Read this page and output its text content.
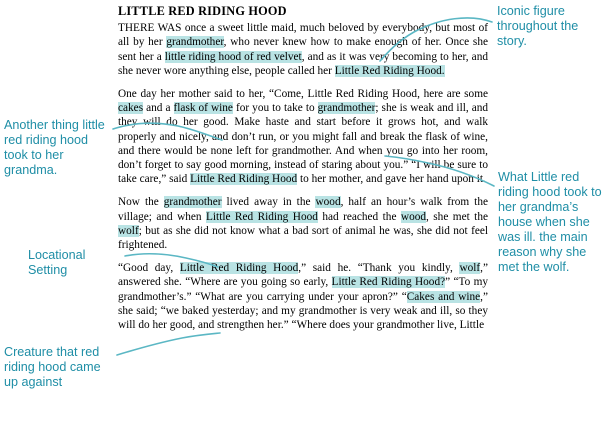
LITTLE RED RIDING HOOD

THERE WAS once a sweet little maid, much beloved by everybody, but most of all by her grandmother, who never knew how to make enough of her. Once she sent her a little riding hood of red velvet, and as it was very becoming to her, and she never wore anything else, people called her Little Red Riding Hood.

One day her mother said to her, “Come, Little Red Riding Hood, here are some cakes and a flask of wine for you to take to grandmother; she is weak and ill, and they will do her good. Make haste and start before it grows hot, and walk properly and nicely, and don’t run, or you might fall and break the flask of wine, and there would be none left for grandmother. And when you go into her room, don’t forget to say good morning, instead of staring about you.” “I will be sure to take care,” said Little Red Riding Hood to her mother, and gave her hand upon it.

Now the grandmother lived away in the wood, half an hour’s walk from the village; and when Little Red Riding Hood had reached the wood, she met the wolf; but as she did not know what a bad sort of animal he was, she did not feel frightened.

“Good day, Little Red Riding Hood,” said he. “Thank you kindly, wolf,” answered she. “Where are you going so early, Little Red Riding Hood?” “To my grandmother’s.” “What are you carrying under your apron?” “Cakes and wine,” she said; “we baked yesterday; and my grandmother is very weak and ill, so they will do her good, and strengthen her.” “Where does your grandmother live, Little

Iconic figure throughout the story.
Another thing little red riding hood took to her grandma.
Locational Setting
What Little red riding hood took to her grandma’s house when she was ill. the main reason why she met the wolf.
Creature that red riding hood came up against
